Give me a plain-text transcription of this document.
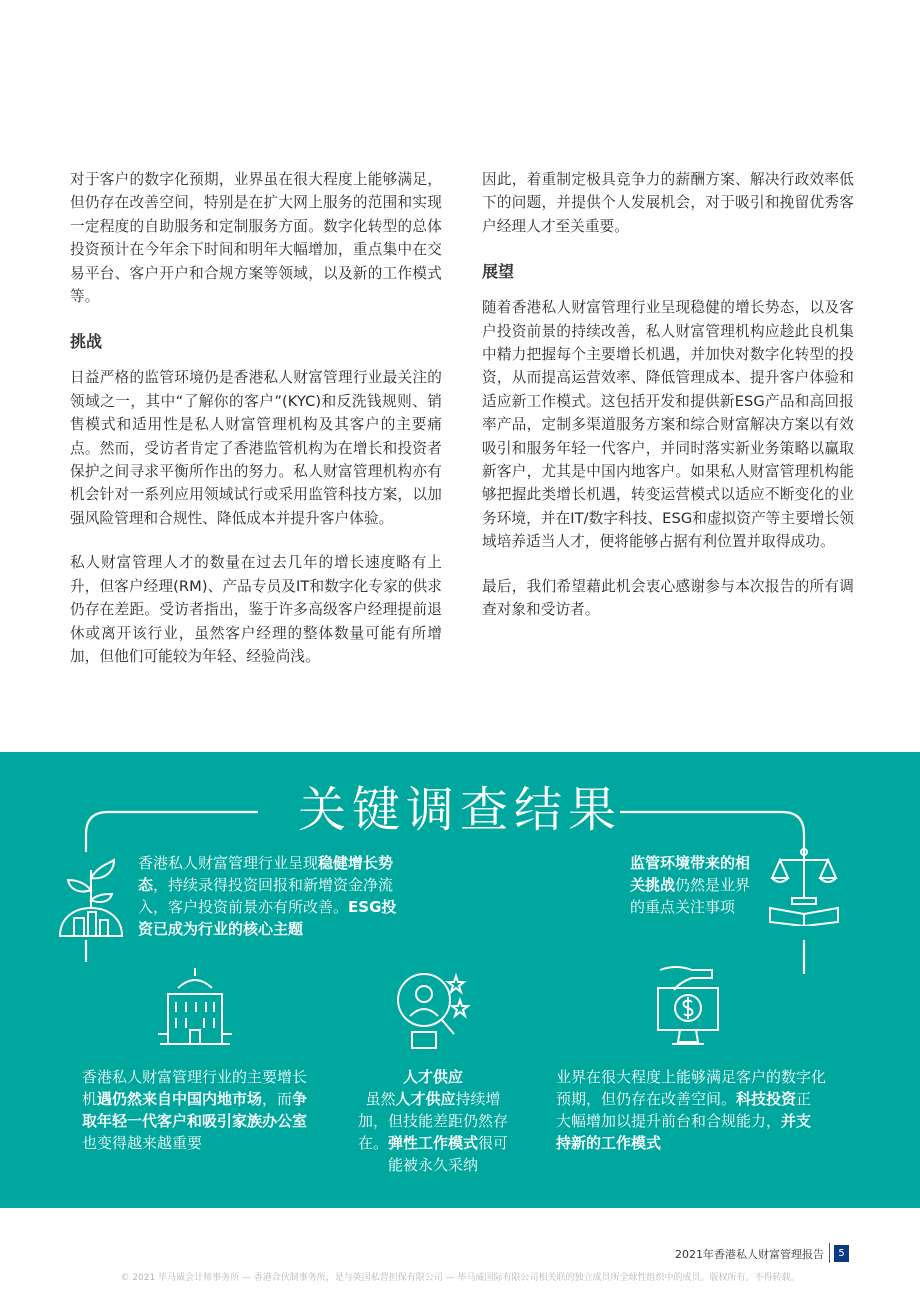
对于客户的数字化预期，业界虽在很大程度上能够满足，但仍存在改善空间，特别是在扩大网上服务的范围和实现一定程度的自助服务和定制服务方面。数字化转型的总体投资预计在今年余下时间和明年大幅增加，重点集中在交易平台、客户开户和合规方案等领域，以及新的工作模式等。

挑战

日益严格的监管环境仍是香港私人财富管理行业最关注的领域之一，其中“了解你的客户”(KYC)和反洗钱规则、销售模式和适用性是私人财富管理机构及其客户的主要痛点。然而，受访者肯定了香港监管机构为在增长和投资者保护之间寻求平衡所作出的努力。私人财富管理机构亦有机会针对一系列应用领域试行或采用监管科技方案，以加强风险管理和合规性、降低成本并提升客户体验。

私人财富管理人才的数量在过去几年的增长速度略有上升，但客户经理(RM)、产品专员及IT和数字化专家的供求仍存在差距。受访者指出，鉴于许多高级客户经理提前退休或离开该行业，虽然客户经理的整体数量可能有所增加，但他们可能较为年轻、经验尚浅。

因此，着重制定极具竞争力的薪酬方案、解决行政效率低下的问题，并提供个人发展机会，对于吸引和挽留优秀客户经理人才至关重要。

展望

随着香港私人财富管理行业呈现稳健的增长势态，以及客户投资前景的持续改善，私人财富管理机构应趁此良机集中精力把握每个主要增长机遇，并加快对数字化转型的投资，从而提高运营效率、降低管理成本、提升客户体验和适应新工作模式。这包括开发和提供新ESG产品和高回报率产品，定制多渠道服务方案和综合财富解决方案以有效吸引和服务年轻一代客户，并同时落实新业务策略以赢取新客户，尤其是中国内地客户。如果私人财富管理机构能够把握此类增长机遇，转变运营模式以适应不断变化的业务环境，并在IT/数字科技、ESG和虚拟资产等主要增长领域培养适当人才，便将能够占据有利位置并取得成功。

最后，我们希望藉此机会衷心感谢参与本次报告的所有调查对象和受访者。

关键调查结果
香港私人财富管理行业呈现稳健增长势态，持续录得投资回报和新增资金净流入，客户投资前景亦有所改善。ESG投资已成为行业的核心主题
监管环境带来的相关挑战仍然是业界的重点关注事项
香港私人财富管理行业的主要增长机遇仍然来自中国内地市场，而争取年轻一代客户和吸引家族办公室也变得越来越重要
人才供应
虽然人才供应持续增加，但技能差距仍然存在。弹性工作模式很可能被永久采纳
业界在很大程度上能够满足客户的数字化预期，但仍存在改善空间。科技投资正大幅增加以提升前台和合规能力，并支持新的工作模式
2021年香港私人财富管理报告	5
© 2021 毕马威会计师事务所 — 香港合伙制事务所，是与英国私营担保有限公司 — 毕马威国际有限公司相关联的独立成员所全球性组织中的成员。版权所有。不得转载。
